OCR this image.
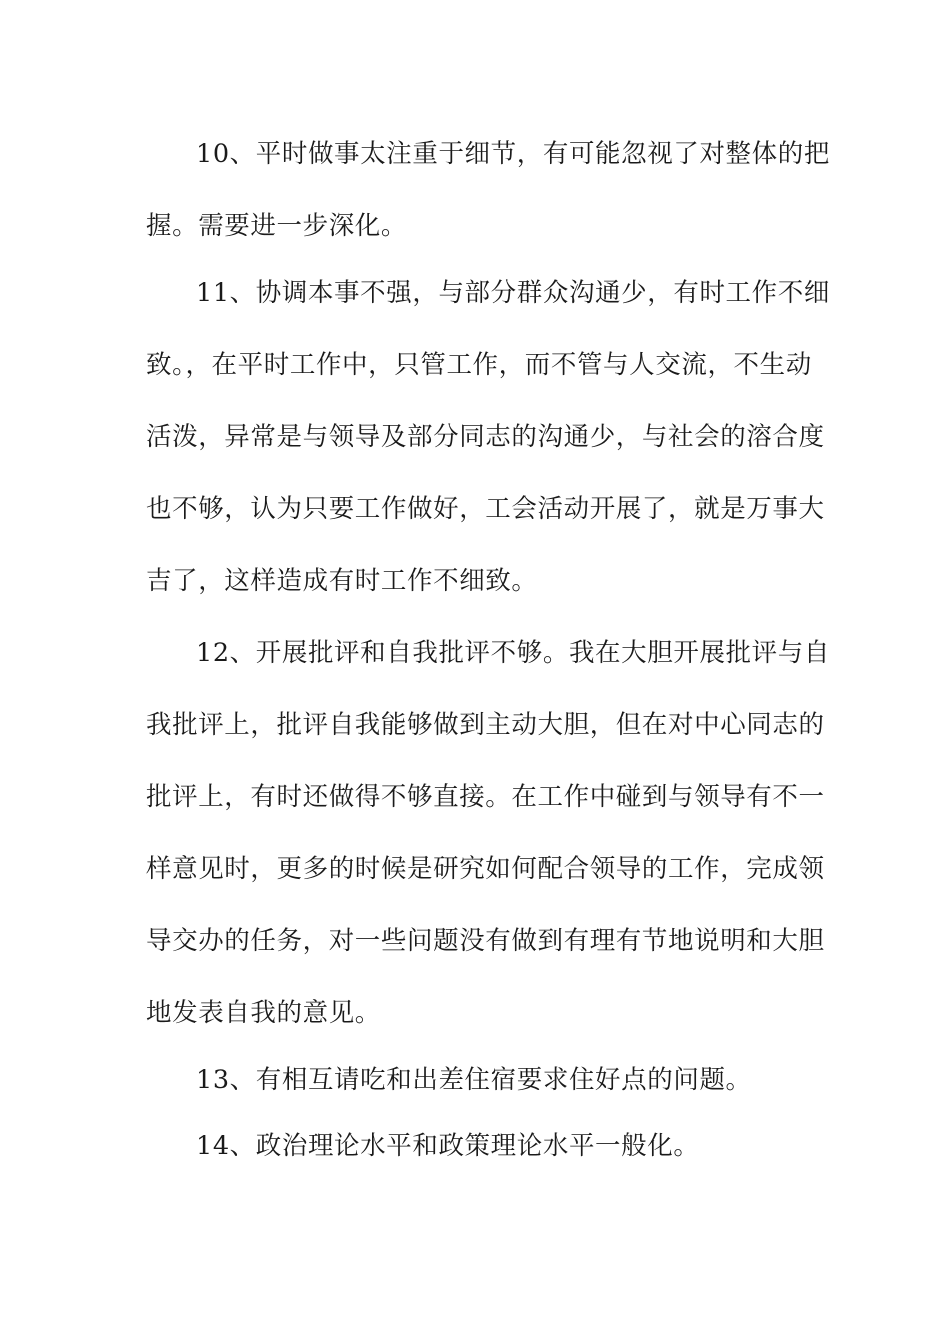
10、平时做事太注重于细节，有可能忽视了对整体的把
握。需要进一步深化。
11、协调本事不强，与部分群众沟通少，有时工作不细
致。，在平时工作中，只管工作，而不管与人交流，不生动
活泼，异常是与领导及部分同志的沟通少，与社会的溶合度
也不够，认为只要工作做好，工会活动开展了，就是万事大
吉了，这样造成有时工作不细致。
12、开展批评和自我批评不够。我在大胆开展批评与自
我批评上，批评自我能够做到主动大胆，但在对中心同志的
批评上，有时还做得不够直接。在工作中碰到与领导有不一
样意见时，更多的时候是研究如何配合领导的工作，完成领
导交办的任务，对一些问题没有做到有理有节地说明和大胆
地发表自我的意见。
13、有相互请吃和出差住宿要求住好点的问题。
14、政治理论水平和政策理论水平一般化。
